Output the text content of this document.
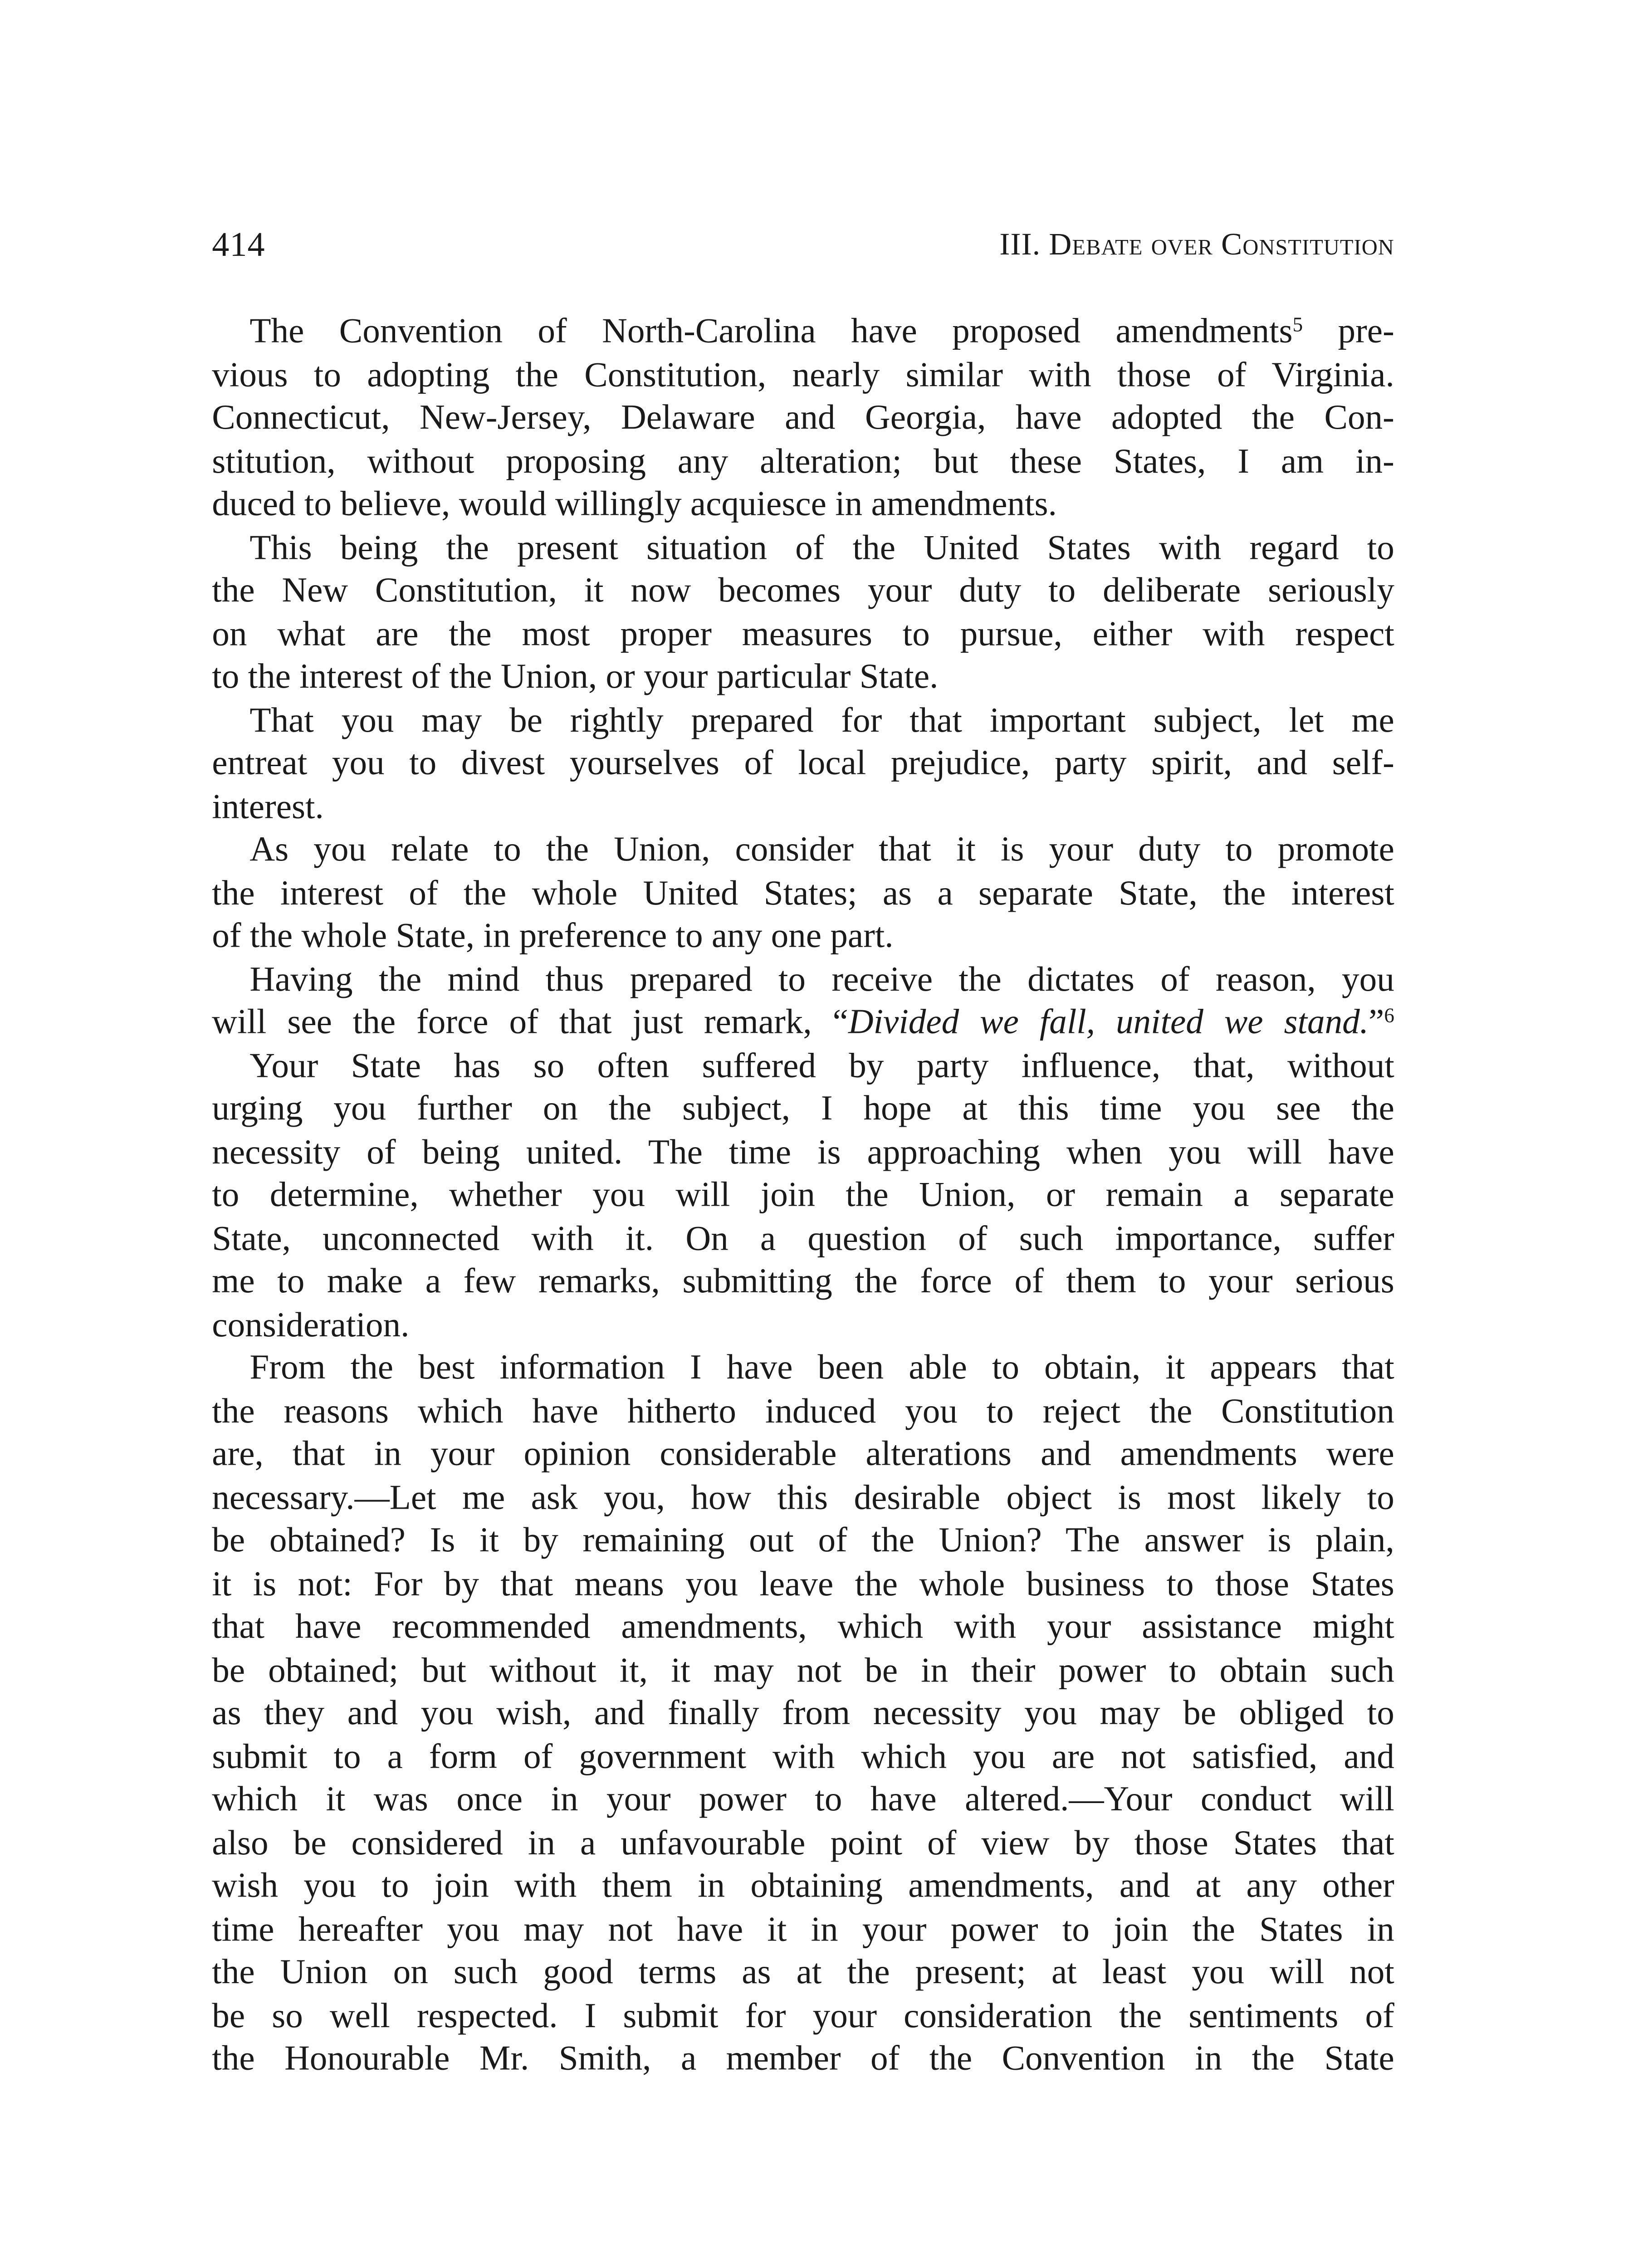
414	III. Debate over Constitution
The Convention of North-Carolina have proposed amendments$^5$ pre-
vious to adopting the Constitution, nearly similar with those of Virginia.
Connecticut, New-Jersey, Delaware and Georgia, have adopted the Con-
stitution, without proposing any alteration; but these States, I am in-
duced to believe, would willingly acquiesce in amendments.
This being the present situation of the United States with regard to
the New Constitution, it now becomes your duty to deliberate seriously
on what are the most proper measures to pursue, either with respect
to the interest of the Union, or your particular State.
That you may be rightly prepared for that important subject, let me
entreat you to divest yourselves of local prejudice, party spirit, and self-
interest.
As you relate to the Union, consider that it is your duty to promote
the interest of the whole United States; as a separate State, the interest
of the whole State, in preference to any one part.
Having the mind thus prepared to receive the dictates of reason, you
will see the force of that just remark, “Divided we fall, united we stand.”$^6$
Your State has so often suffered by party influence, that, without
urging you further on the subject, I hope at this time you see the
necessity of being united. The time is approaching when you will have
to determine, whether you will join the Union, or remain a separate
State, unconnected with it. On a question of such importance, suffer
me to make a few remarks, submitting the force of them to your serious
consideration.
From the best information I have been able to obtain, it appears that
the reasons which have hitherto induced you to reject the Constitution
are, that in your opinion considerable alterations and amendments were
necessary.—Let me ask you, how this desirable object is most likely to
be obtained? Is it by remaining out of the Union? The answer is plain,
it is not: For by that means you leave the whole business to those States
that have recommended amendments, which with your assistance might
be obtained; but without it, it may not be in their power to obtain such
as they and you wish, and finally from necessity you may be obliged to
submit to a form of government with which you are not satisfied, and
which it was once in your power to have altered.—Your conduct will
also be considered in a unfavourable point of view by those States that
wish you to join with them in obtaining amendments, and at any other
time hereafter you may not have it in your power to join the States in
the Union on such good terms as at the present; at least you will not
be so well respected. I submit for your consideration the sentiments of
the Honourable Mr. Smith, a member of the Convention in the State
